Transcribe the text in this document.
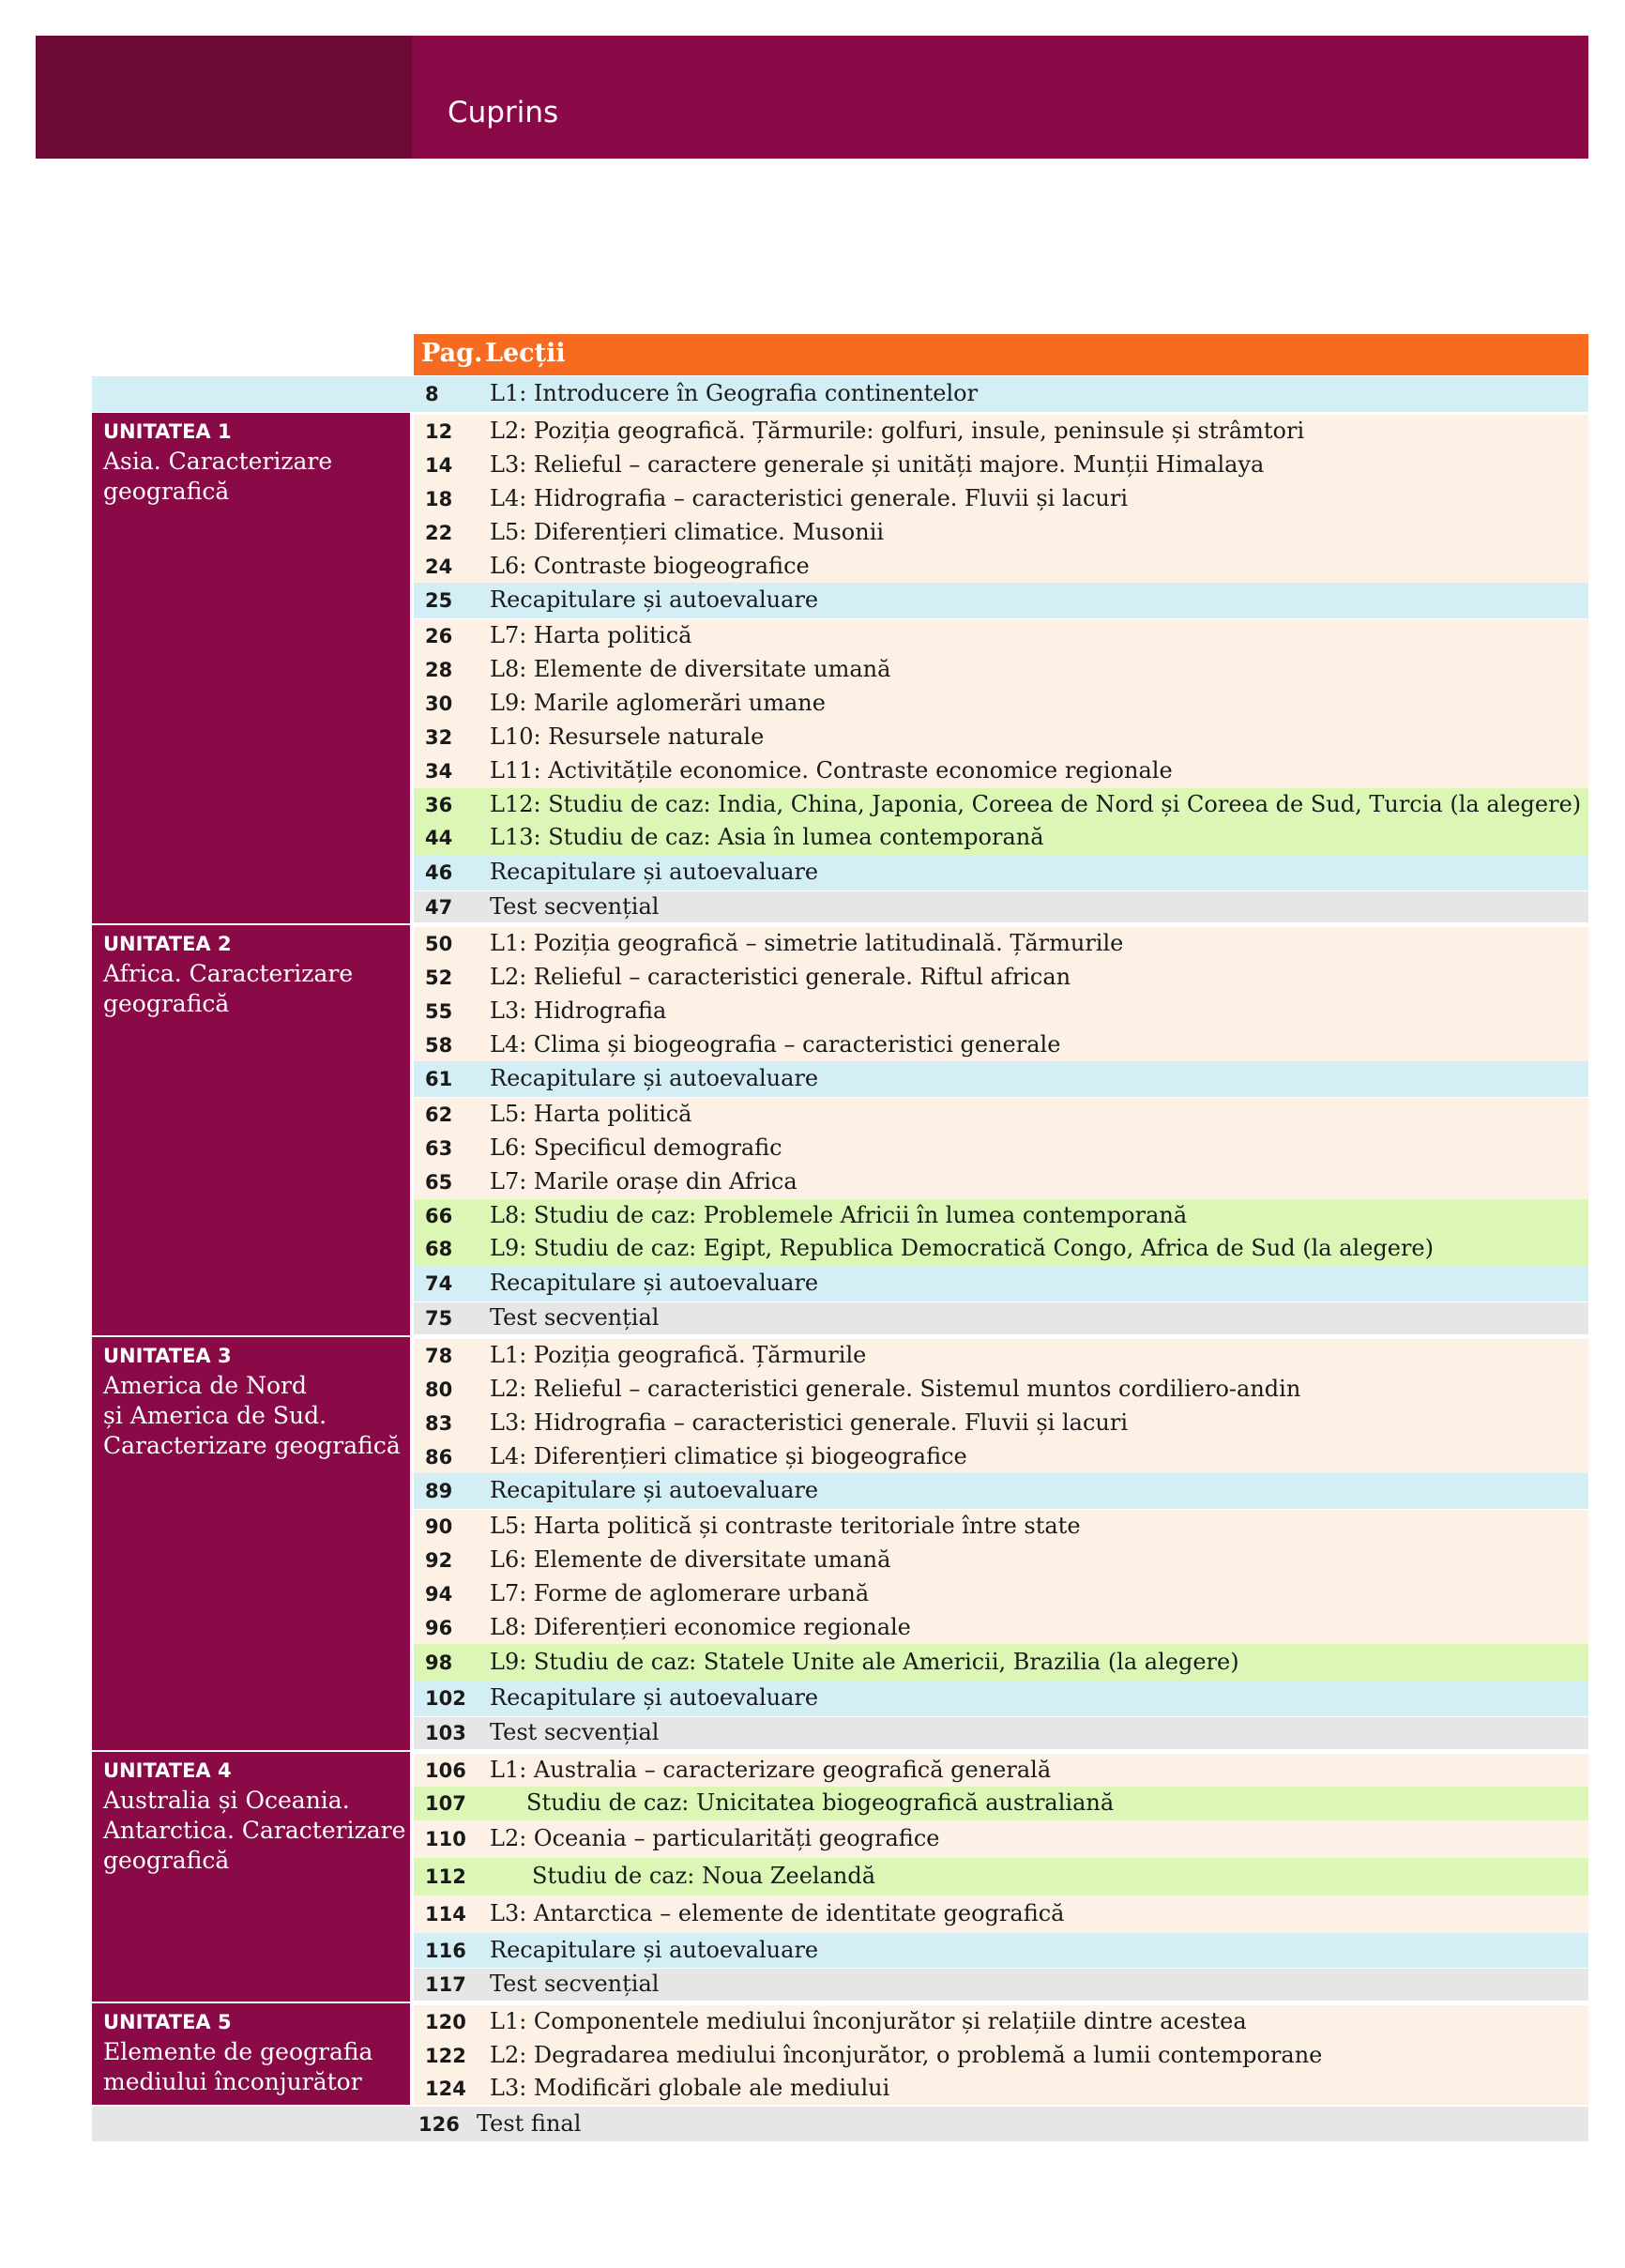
Cuprins
Pag. Lecții
8 L1: Introducere în Geografia continentelor
UNITATEA 1
Asia. Caracterizare
geografică
12 L2: Poziția geografică. Țărmurile: golfuri, insule, peninsule și strâmtori
14 L3: Relieful – caractere generale și unități majore. Munții Himalaya
18 L4: Hidrografia – caracteristici generale. Fluvii și lacuri
22 L5: Diferențieri climatice. Musonii
24 L6: Contraste biogeografice
25 Recapitulare și autoevaluare
26 L7: Harta politică
28 L8: Elemente de diversitate umană
30 L9: Marile aglomerări umane
32 L10: Resursele naturale
34 L11: Activitățile economice. Contraste economice regionale
36 L12: Studiu de caz: India, China, Japonia, Coreea de Nord și Coreea de Sud, Turcia (la alegere)
44 L13: Studiu de caz: Asia în lumea contemporană
46 Recapitulare și autoevaluare
47 Test secvențial
UNITATEA 2
Africa. Caracterizare
geografică
50 L1: Poziția geografică – simetrie latitudinală. Țărmurile
52 L2: Relieful – caracteristici generale. Riftul african
55 L3: Hidrografia
58 L4: Clima și biogeografia – caracteristici generale
61 Recapitulare și autoevaluare
62 L5: Harta politică
63 L6: Specificul demografic
65 L7: Marile orașe din Africa
66 L8: Studiu de caz: Problemele Africii în lumea contemporană
68 L9: Studiu de caz: Egipt, Republica Democratică Congo, Africa de Sud (la alegere)
74 Recapitulare și autoevaluare
75 Test secvențial
UNITATEA 3
America de Nord
și America de Sud.
Caracterizare geografică
78 L1: Poziția geografică. Țărmurile
80 L2: Relieful – caracteristici generale. Sistemul muntos cordiliero-andin
83 L3: Hidrografia – caracteristici generale. Fluvii și lacuri
86 L4: Diferențieri climatice și biogeografice
89 Recapitulare și autoevaluare
90 L5: Harta politică și contraste teritoriale între state
92 L6: Elemente de diversitate umană
94 L7: Forme de aglomerare urbană
96 L8: Diferențieri economice regionale
98 L9: Studiu de caz: Statele Unite ale Americii, Brazilia (la alegere)
102 Recapitulare și autoevaluare
103 Test secvențial
UNITATEA 4
Australia și Oceania.
Antarctica. Caracterizare
geografică
106 L1: Australia – caracterizare geografică generală
107	Studiu de caz: Unicitatea biogeografică australiană
110 L2: Oceania – particularități geografice
112	Studiu de caz: Noua Zeelandă
114 L3: Antarctica – elemente de identitate geografică
116 Recapitulare și autoevaluare
117 Test secvențial
UNITATEA 5
Elemente de geografia
mediului înconjurător
120 L1: Componentele mediului înconjurător și relațiile dintre acestea
122 L2: Degradarea mediului înconjurător, o problemă a lumii contemporane
124 L3: Modificări globale ale mediului
126 Test final
